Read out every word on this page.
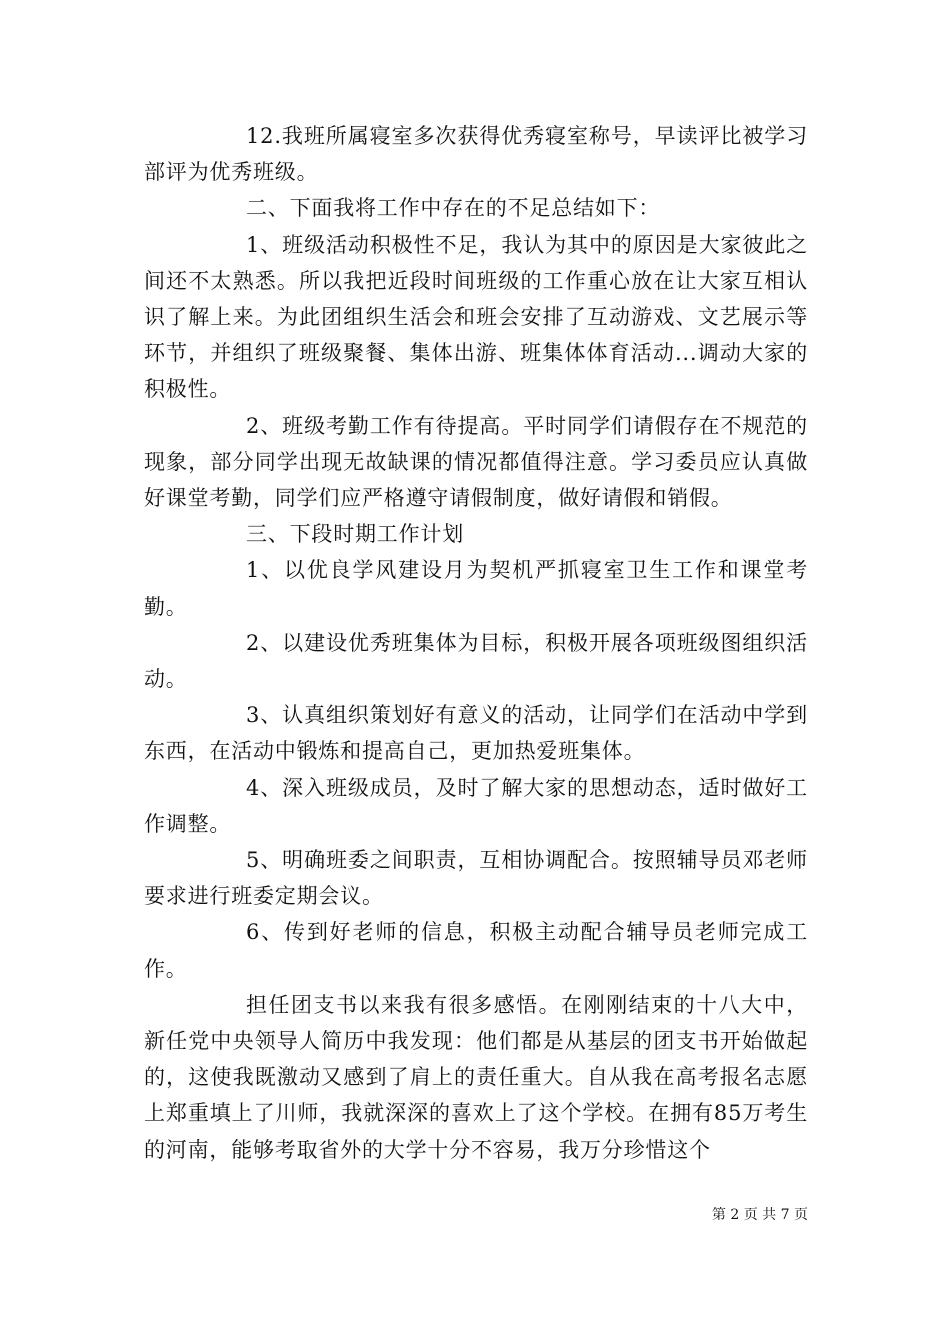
12.我班所属寝室多次获得优秀寝室称号，早读评比被学习部评为优秀班级。

二、下面我将工作中存在的不足总结如下：

1、班级活动积极性不足，我认为其中的原因是大家彼此之间还不太熟悉。所以我把近段时间班级的工作重心放在让大家互相认识了解上来。为此团组织生活会和班会安排了互动游戏、文艺展示等环节，并组织了班级聚餐、集体出游、班集体体育活动...调动大家的积极性。

2、班级考勤工作有待提高。平时同学们请假存在不规范的现象，部分同学出现无故缺课的情况都值得注意。学习委员应认真做好课堂考勤，同学们应严格遵守请假制度，做好请假和销假。

三、下段时期工作计划

1、以优良学风建设月为契机严抓寝室卫生工作和课堂考勤。

2、以建设优秀班集体为目标，积极开展各项班级图组织活动。

3、认真组织策划好有意义的活动，让同学们在活动中学到东西，在活动中锻炼和提高自己，更加热爱班集体。

4、深入班级成员，及时了解大家的思想动态，适时做好工作调整。

5、明确班委之间职责，互相协调配合。按照辅导员邓老师要求进行班委定期会议。

6、传到好老师的信息，积极主动配合辅导员老师完成工作。

担任团支书以来我有很多感悟。在刚刚结束的十八大中，新任党中央领导人简历中我发现：他们都是从基层的团支书开始做起的，这使我既激动又感到了肩上的责任重大。自从我在高考报名志愿上郑重填上了川师，我就深深的喜欢上了这个学校。在拥有85万考生的河南，能够考取省外的大学十分不容易，我万分珍惜这个

第 2 页 共 7 页
